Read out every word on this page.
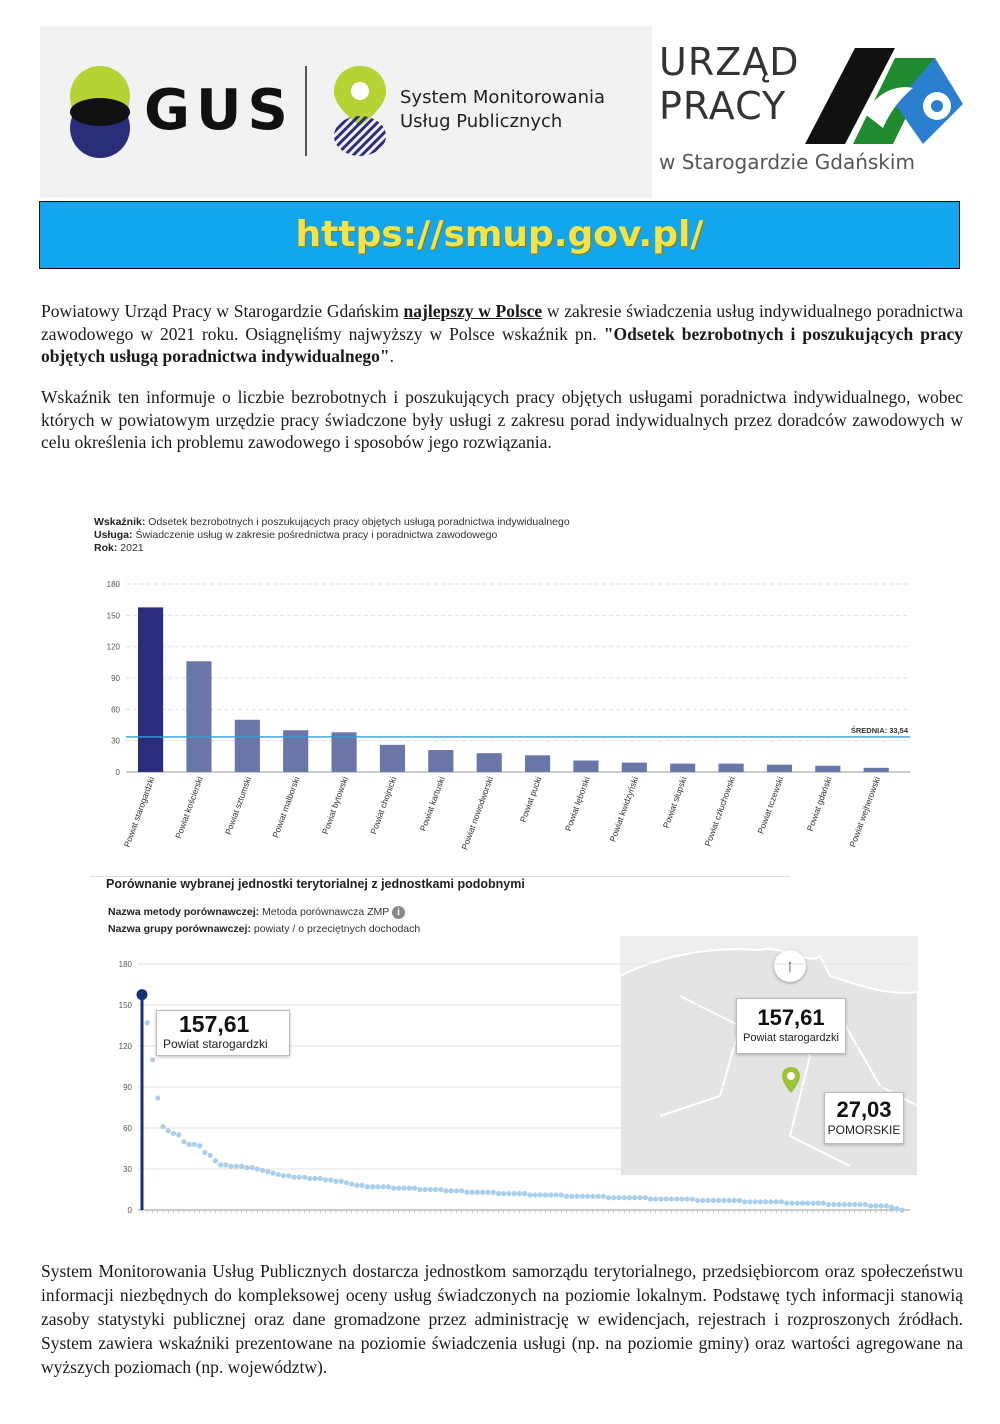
GUS	System Monitorowania
Usług Publicznych
URZĄD
PRACY
w Starogardzie Gdańskim
https://smup.gov.pl/

Powiatowy Urząd Pracy w Starogardzie Gdańskim najlepszy w Polsce w zakresie świadczenia usług indywidualnego poradnictwa zawodowego w 2021 roku. Osiągnęliśmy najwyższy w Polsce wskaźnik pn. "Odsetek bezrobotnych i poszukujących pracy objętych usługą poradnictwa indywidualnego".

Wskaźnik ten informuje o liczbie bezrobotnych i poszukujących pracy objętych usługami poradnictwa indywidualnego, wobec których w powiatowym urzędzie pracy świadczone były usługi z zakresu porad indywidualnych przez doradców zawodowych w celu określenia ich problemu zawodowego i sposobów jego rozwiązania.

Wskaźnik: Odsetek bezrobotnych i poszukujących pracy objętych usługą poradnictwa indywidualnego
Usługa: Świadczenie usług w zakresie pośrednictwa pracy i poradnictwa zawodowego
Rok: 2021
0
30
60
90
120
150
180
Powiat starogardzki Powiat kościerski Powiat sztumski Powiat malborski Powiat bytowski Powiat chojnicki Powiat kartuski Powiat nowodworski	Powiat pucki Powiat lęborski Powiat kwidzyński Powiat słupski Powiat człuchowski Powiat tczewski Powiat gdański Powiat wejherowski
ŚREDNIA: 33,54
Porównanie wybranej jednostki terytorialnej z jednostkami podobnymi
Nazwa metody porównawczej: Metoda porównawcza ZMP i
Nazwa grupy porównawczej: powiaty / o przeciętnych dochodach
↑
0
30
60
90
120
150
180
157,61
Powiat starogardzki
157,61
Powiat starogardzki
27,03
POMORSKIE

System Monitorowania Usług Publicznych dostarcza jednostkom samorządu terytorialnego, przedsiębiorcom oraz społeczeństwu informacji niezbędnych do kompleksowej oceny usług świadczonych na poziomie lokalnym. Podstawę tych informacji stanowią zasoby statystyki publicznej oraz dane gromadzone przez administrację w ewidencjach, rejestrach i rozproszonych źródłach. System zawiera wskaźniki prezentowane na poziomie świadczenia usługi (np. na poziomie gminy) oraz wartości agregowane na wyższych poziomach (np. województw).
